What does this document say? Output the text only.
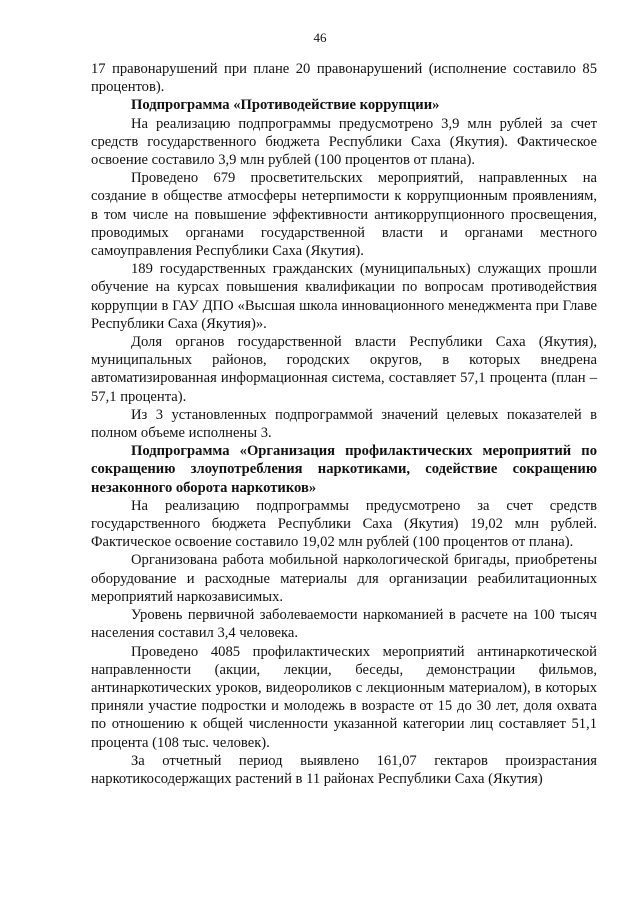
46

17 правонарушений при плане 20 правонарушений (исполнение составило 85 процентов).

Подпрограмма «Противодействие коррупции»

На реализацию подпрограммы предусмотрено 3,9 млн рублей за счет средств государственного бюджета Республики Саха (Якутия). Фактическое освоение составило 3,9 млн рублей (100 процентов от плана).

Проведено 679 просветительских мероприятий, направленных на создание в обществе атмосферы нетерпимости к коррупционным проявлениям, в том числе на повышение эффективности антикоррупционного просвещения, проводимых органами государственной власти и органами местного самоуправления Республики Саха (Якутия).

189 государственных гражданских (муниципальных) служащих прошли обучение на курсах повышения квалификации по вопросам противодействия коррупции в ГАУ ДПО «Высшая школа инновационного менеджмента при Главе Республики Саха (Якутия)».

Доля органов государственной власти Республики Саха (Якутия), муниципальных районов, городских округов, в которых внедрена автоматизированная информационная система, составляет 57,1 процента (план – 57,1 процента).

Из 3 установленных подпрограммой значений целевых показателей в полном объеме исполнены 3.

Подпрограмма «Организация профилактических мероприятий по сокращению злоупотребления наркотиками, содействие сокращению незаконного оборота наркотиков»

На реализацию подпрограммы предусмотрено за счет средств государственного бюджета Республики Саха (Якутия) 19,02 млн рублей. Фактическое освоение составило 19,02 млн рублей (100 процентов от плана).

Организована работа мобильной наркологической бригады, приобретены оборудование и расходные материалы для организации реабилитационных мероприятий наркозависимых.

Уровень первичной заболеваемости наркоманией в расчете на 100 тысяч населения составил 3,4 человека.

Проведено 4085 профилактических мероприятий антинаркотической направленности (акции, лекции, беседы, демонстрации фильмов, антинаркотических уроков, видеороликов с лекционным материалом), в которых приняли участие подростки и молодежь в возрасте от 15 до 30 лет, доля охвата по отношению к общей численности указанной категории лиц составляет 51,1 процента (108 тыс. человек).

За отчетный период выявлено 161,07 гектаров произрастания наркотикосодержащих растений в 11 районах Республики Саха (Якутия)
